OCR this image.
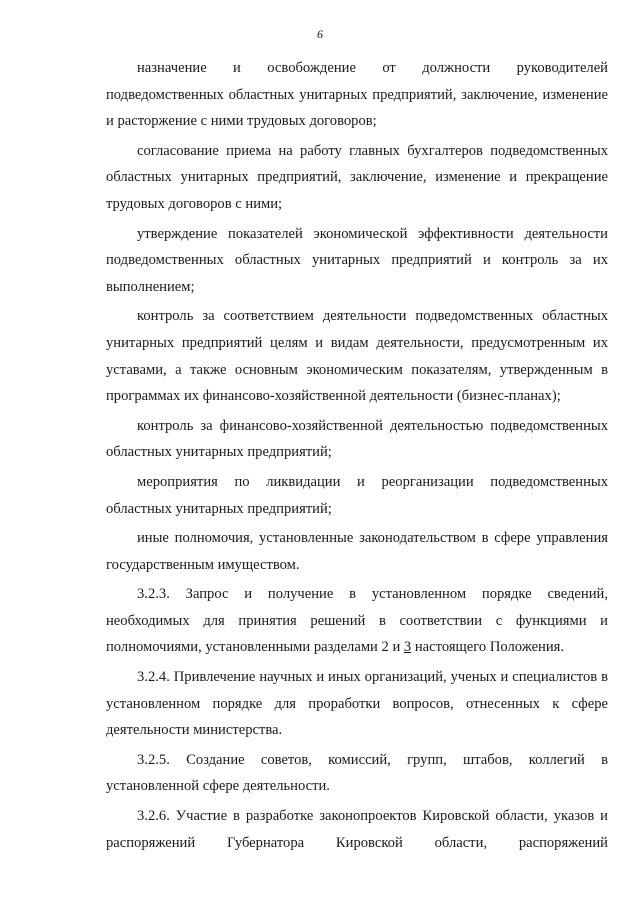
6

назначение и освобождение от должности руководителей подведомственных областных унитарных предприятий, заключение, изменение и расторжение с ними трудовых договоров;

согласование приема на работу главных бухгалтеров подведомственных областных унитарных предприятий, заключение, изменение и прекращение трудовых договоров с ними;

утверждение показателей экономической эффективности деятельности подведомственных областных унитарных предприятий и контроль за их выполнением;

контроль за соответствием деятельности подведомственных областных унитарных предприятий целям и видам деятельности, предусмотренным их уставами, а также основным экономическим показателям, утвержденным в программах их финансово-хозяйственной деятельности (бизнес-планах);

контроль за финансово-хозяйственной деятельностью подведомственных областных унитарных предприятий;

мероприятия по ликвидации и реорганизации подведомственных областных унитарных предприятий;

иные полномочия, установленные законодательством в сфере управления государственным имуществом.

3.2.3. Запрос и получение в установленном порядке сведений, необходимых для принятия решений в соответствии с функциями и полномочиями, установленными разделами 2 и 3 настоящего Положения.

3.2.4. Привлечение научных и иных организаций, ученых и специалистов в установленном порядке для проработки вопросов, отнесенных к сфере деятельности министерства.

3.2.5. Создание советов, комиссий, групп, штабов, коллегий в установленной сфере деятельности.

3.2.6. Участие в разработке законопроектов Кировской области, указов и распоряжений Губернатора Кировской области, распоряжений
